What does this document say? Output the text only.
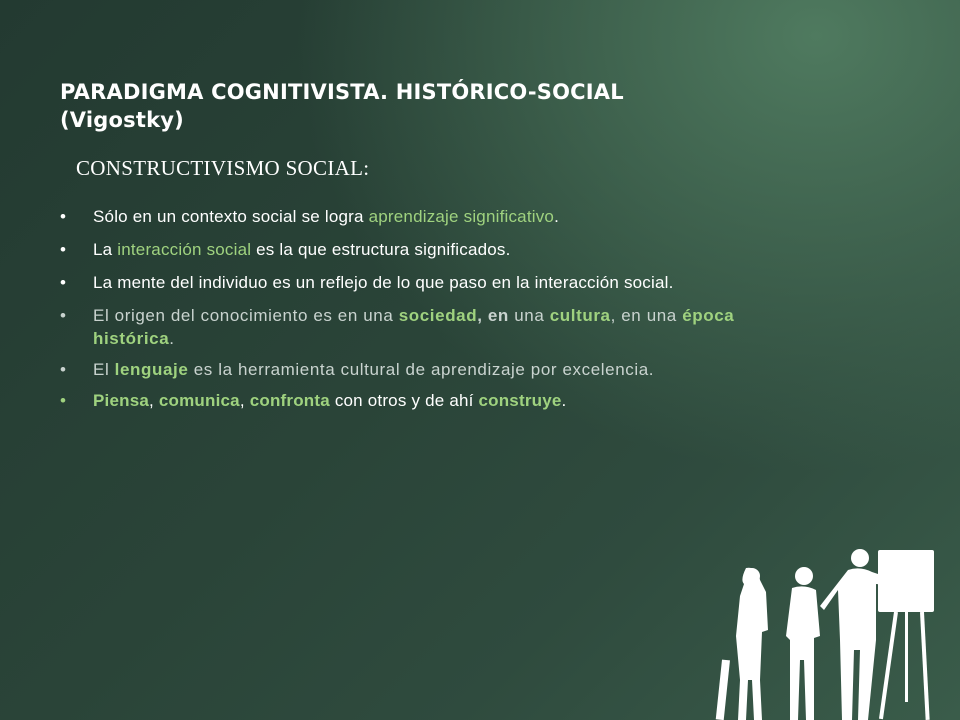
PARADIGMA COGNITIVISTA. HISTÓRICO-SOCIAL
(Vigostky)
CONSTRUCTIVISMO SOCIAL:
• Sólo en un contexto social se logra aprendizaje significativo.
• La interacción social es la que estructura significados.
• La mente del individuo es un reflejo de lo que paso en la interacción social.
• El origen del conocimiento es en una sociedad, en una cultura, en una época histórica.
• El lenguaje es la herramienta cultural de aprendizaje por excelencia.
• Piensa, comunica, confronta con otros y de ahí construye.
